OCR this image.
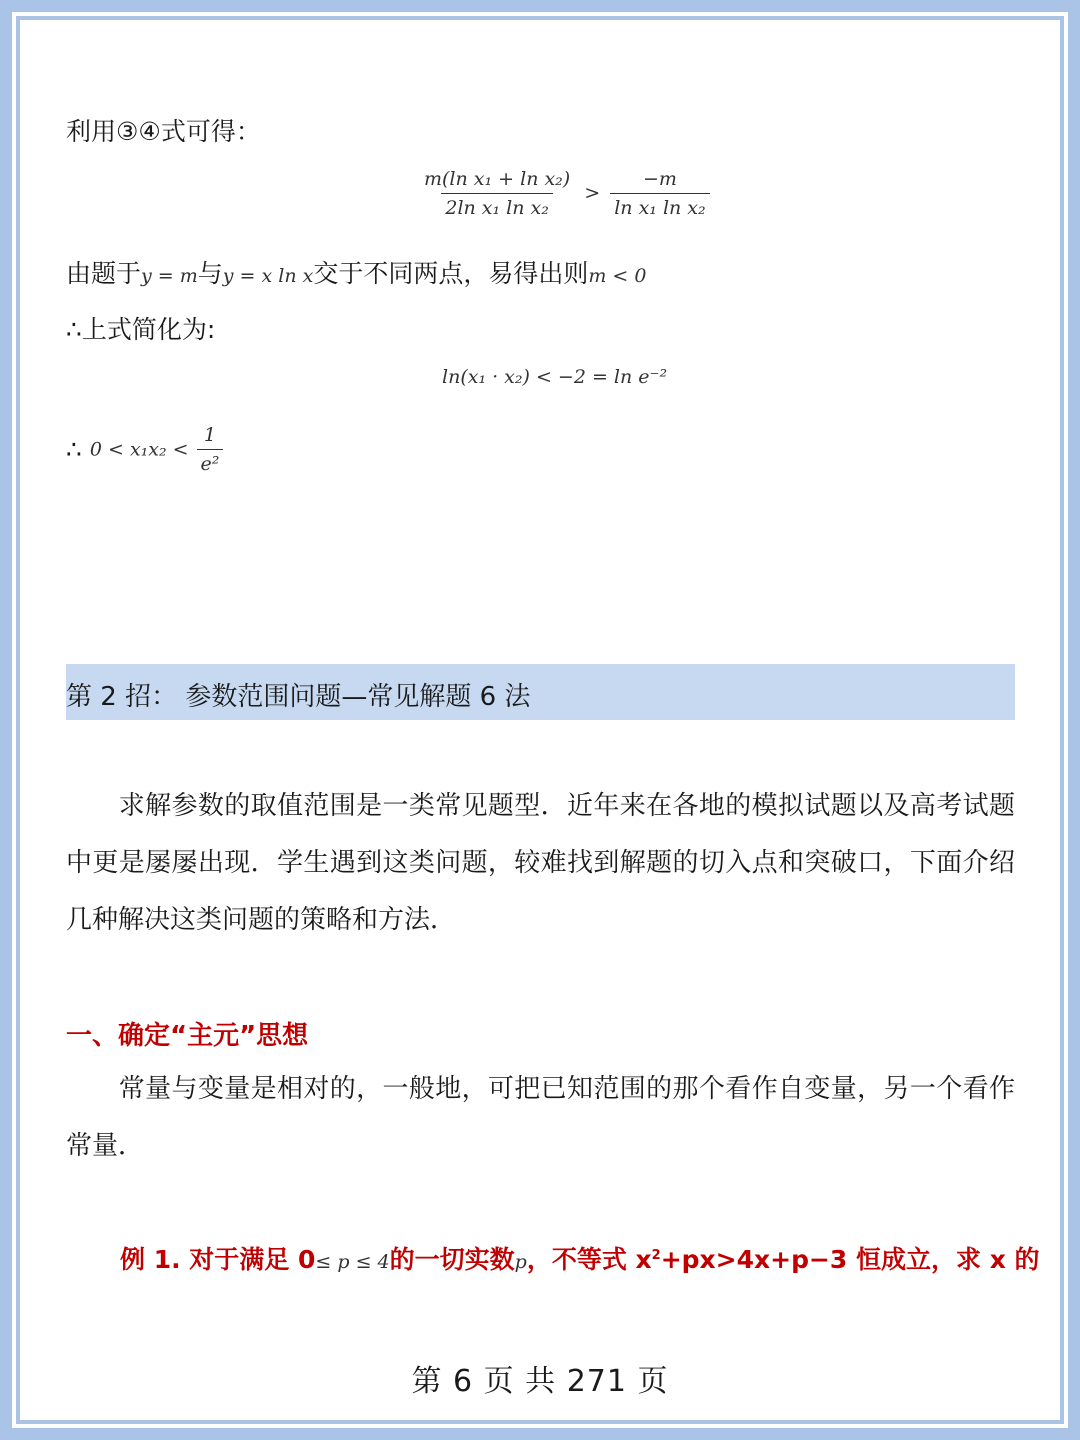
利用③④式可得：
$\frac{\text{m(ln x₁ + ln x₂)}}{\text{2ln x₁ ln x₂}} > \frac{-m}{\text{ln x₁ ln x₂}}$
由题于y = m与y = x ln x交于不同两点，易得出则m < 0
∴上式简化为:
ln(x₁ · x₂) < −2 = ln e⁻²
∴ $0 < x_1x_2 < \frac{1}{\text{e²}}$
第 2 招： 参数范围问题—常见解题 6 法
　　求解参数的取值范围是一类常见题型．近年来在各地的模拟试题以及高考试题中更是屡屡出现．学生遇到这类问题，较难找到解题的切入点和突破口，下面介绍几种解决这类问题的策略和方法．
一、确定“主元”思想
　　常量与变量是相对的，一般地，可把已知范围的那个看作自变量，另一个看作常量．
例 1. 对于满足 0≤ p ≤ 4的一切实数p，不等式 $x^2+px>4x+p-3$ 恒成立，求 x 的
第 6 页 共 271 页
